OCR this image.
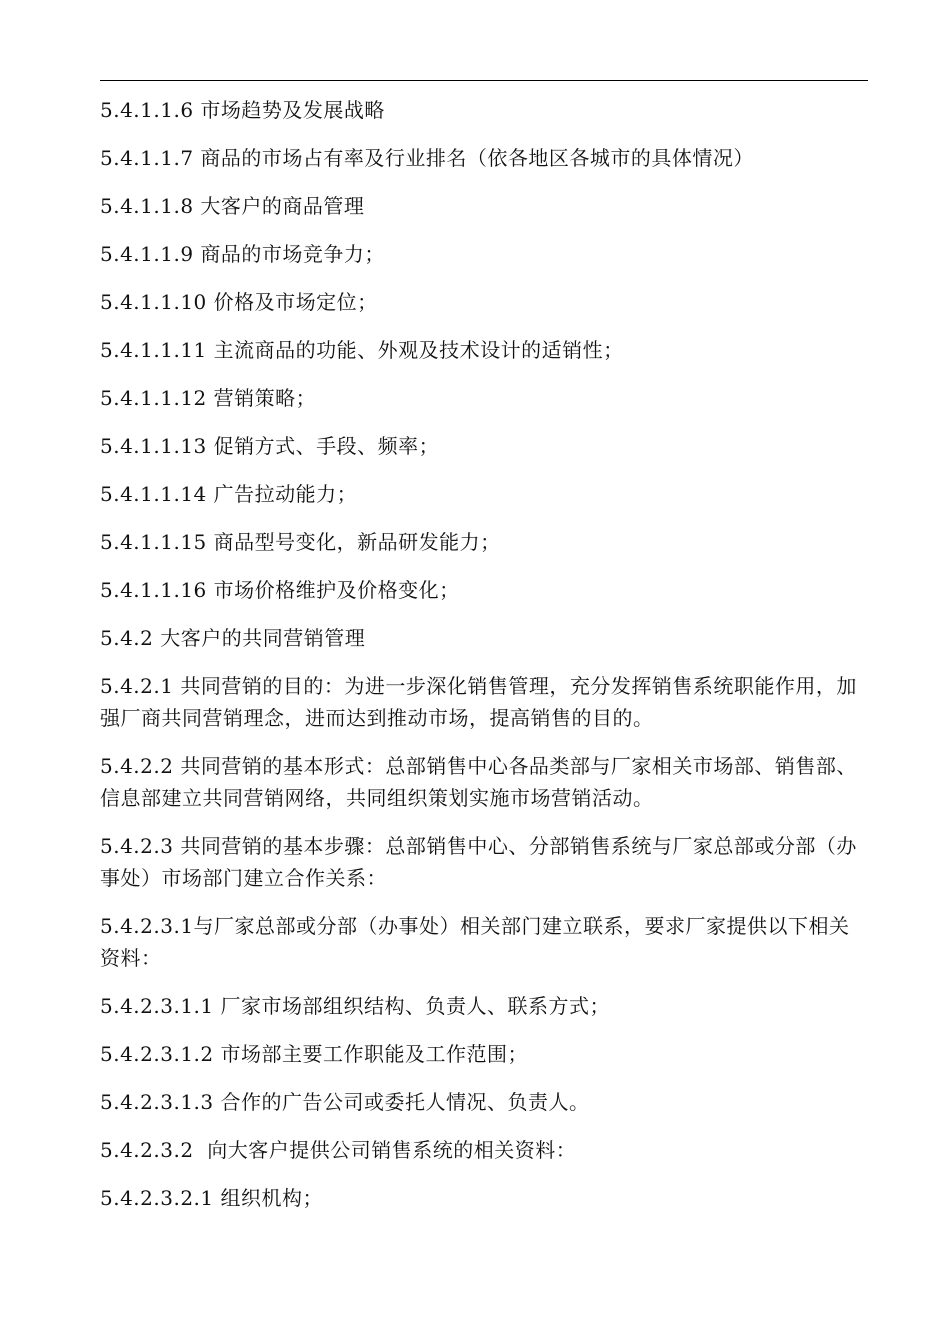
5.4.1.1.6 市场趋势及发展战略

5.4.1.1.7 商品的市场占有率及行业排名（依各地区各城市的具体情况）

5.4.1.1.8 大客户的商品管理

5.4.1.1.9 商品的市场竞争力；

5.4.1.1.10 价格及市场定位；

5.4.1.1.11 主流商品的功能、外观及技术设计的适销性；

5.4.1.1.12 营销策略；

5.4.1.1.13 促销方式、手段、频率；

5.4.1.1.14 广告拉动能力；

5.4.1.1.15 商品型号变化，新品研发能力；

5.4.1.1.16 市场价格维护及价格变化；

5.4.2 大客户的共同营销管理

5.4.2.1 共同营销的目的：为进一步深化销售管理，充分发挥销售系统职能作用，加强厂商共同营销理念，进而达到推动市场，提高销售的目的。

5.4.2.2 共同营销的基本形式：总部销售中心各品类部与厂家相关市场部、销售部、信息部建立共同营销网络，共同组织策划实施市场营销活动。

5.4.2.3 共同营销的基本步骤：总部销售中心、分部销售系统与厂家总部或分部（办事处）市场部门建立合作关系：

5.4.2.3.1与厂家总部或分部（办事处）相关部门建立联系，要求厂家提供以下相关资料：

5.4.2.3.1.1 厂家市场部组织结构、负责人、联系方式；

5.4.2.3.1.2 市场部主要工作职能及工作范围；

5.4.2.3.1.3 合作的广告公司或委托人情况、负责人。

5.4.2.3.2  向大客户提供公司销售系统的相关资料：

5.4.2.3.2.1 组织机构；
